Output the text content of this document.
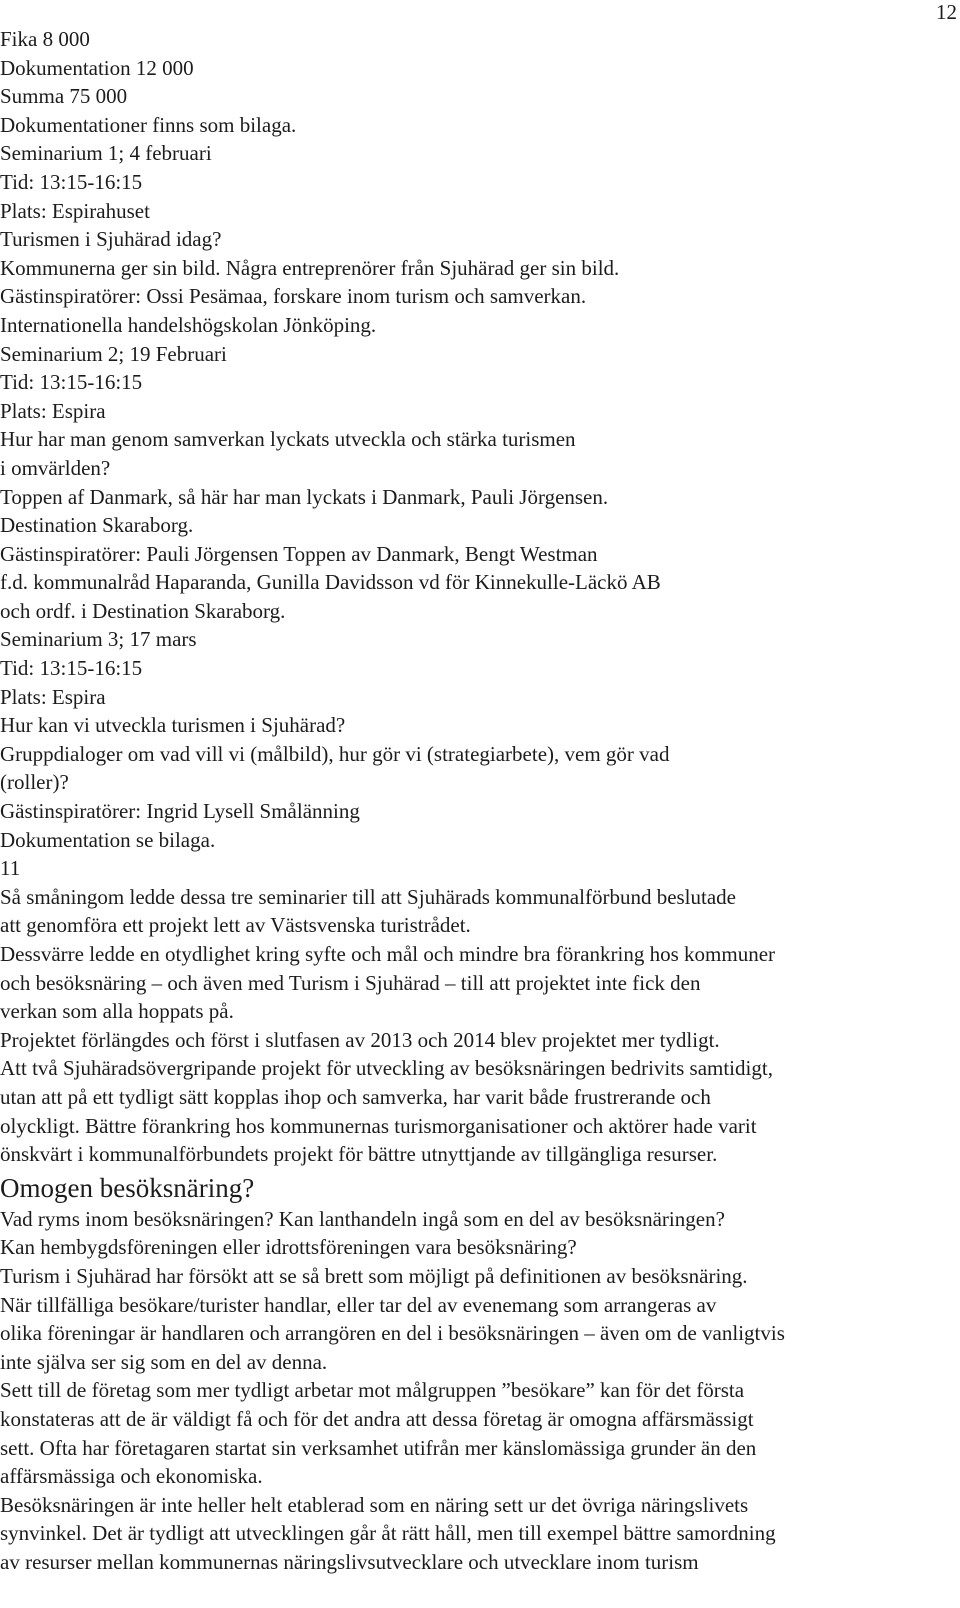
12
Fika 8 000
Dokumentation 12 000
Summa 75 000
Dokumentationer finns som bilaga.
Seminarium 1; 4 februari
Tid: 13:15-16:15
Plats: Espirahuset
Turismen i Sjuhärad idag?
Kommunerna ger sin bild. Några entreprenörer från Sjuhärad ger sin bild.
Gästinspiratörer: Ossi Pesämaa, forskare inom turism och samverkan.
Internationella handelshögskolan Jönköping.
Seminarium 2; 19 Februari
Tid: 13:15-16:15
Plats: Espira
Hur har man genom samverkan lyckats utveckla och stärka turismen
i omvärlden?
Toppen af Danmark, så här har man lyckats i Danmark, Pauli Jörgensen.
Destination Skaraborg.
Gästinspiratörer: Pauli Jörgensen Toppen av Danmark, Bengt Westman
f.d. kommunalråd Haparanda, Gunilla Davidsson vd för Kinnekulle-Läckö AB
och ordf. i Destination Skaraborg.
Seminarium 3; 17 mars
Tid: 13:15-16:15
Plats: Espira
Hur kan vi utveckla turismen i Sjuhärad?
Gruppdialoger om vad vill vi (målbild), hur gör vi (strategiarbete), vem gör vad
(roller)?
Gästinspiratörer: Ingrid Lysell Smålänning
Dokumentation se bilaga.
11
Så småningom ledde dessa tre seminarier till att Sjuhärads kommunalförbund beslutade
att genomföra ett projekt lett av Västsvenska turistrådet.
Dessvärre ledde en otydlighet kring syfte och mål och mindre bra förankring hos kommuner
och besöksnäring – och även med Turism i Sjuhärad – till att projektet inte fick den
verkan som alla hoppats på.
Projektet förlängdes och först i slutfasen av 2013 och 2014 blev projektet mer tydligt.
Att två Sjuhäradsövergripande projekt för utveckling av besöksnäringen bedrivits samtidigt,
utan att på ett tydligt sätt kopplas ihop och samverka, har varit både frustrerande och
olyckligt. Bättre förankring hos kommunernas turismorganisationer och aktörer hade varit
önskvärt i kommunalförbundets projekt för bättre utnyttjande av tillgängliga resurser.
Omogen besöksnäring?
Vad ryms inom besöksnäringen? Kan lanthandeln ingå som en del av besöksnäringen?
Kan hembygdsföreningen eller idrottsföreningen vara besöksnäring?
Turism i Sjuhärad har försökt att se så brett som möjligt på definitionen av besöksnäring.
När tillfälliga besökare/turister handlar, eller tar del av evenemang som arrangeras av
olika föreningar är handlaren och arrangören en del i besöksnäringen – även om de vanligtvis
inte själva ser sig som en del av denna.
Sett till de företag som mer tydligt arbetar mot målgruppen ”besökare” kan för det första
konstateras att de är väldigt få och för det andra att dessa företag är omogna affärsmässigt
sett. Ofta har företagaren startat sin verksamhet utifrån mer känslomässiga grunder än den
affärsmässiga och ekonomiska.
Besöksnäringen är inte heller helt etablerad som en näring sett ur det övriga näringslivets
synvinkel. Det är tydligt att utvecklingen går åt rätt håll, men till exempel bättre samordning
av resurser mellan kommunernas näringslivsutvecklare och utvecklare inom turism
